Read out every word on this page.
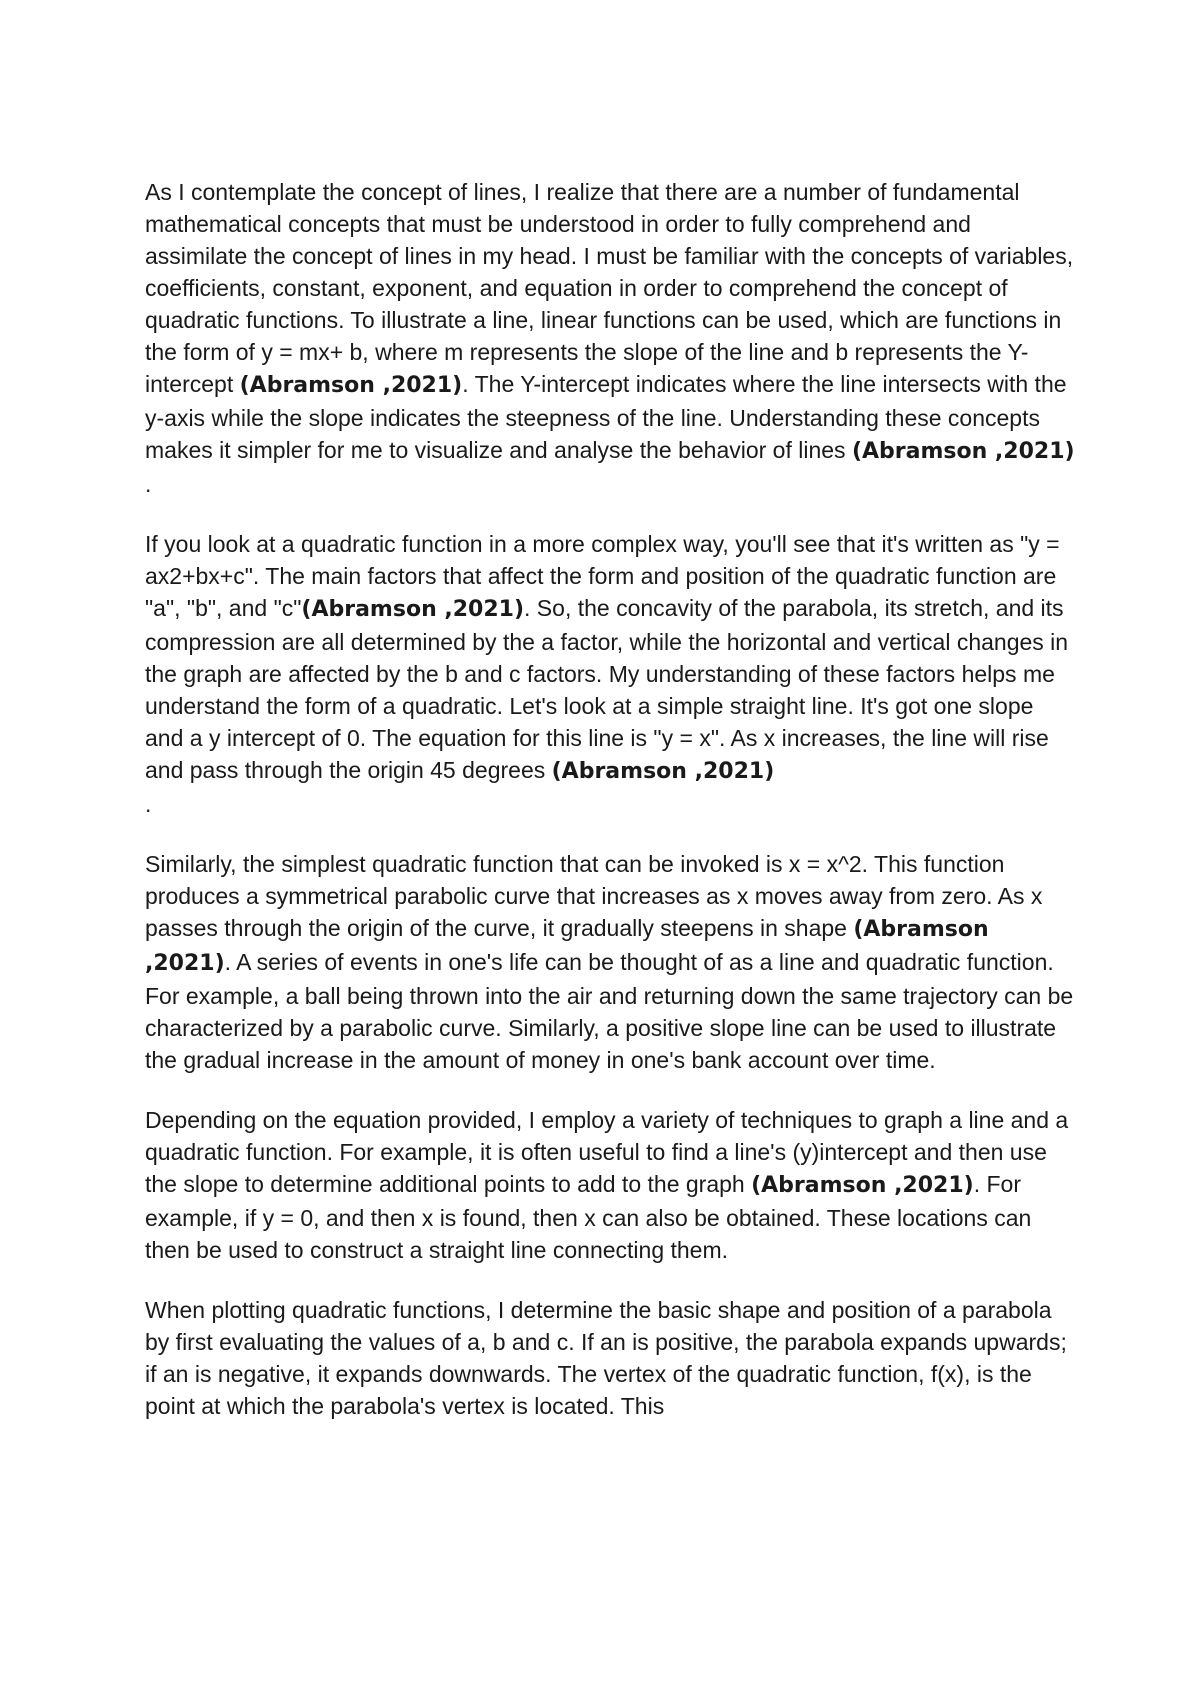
As I contemplate the concept of lines, I realize that there are a number of fundamental mathematical concepts that must be understood in order to fully comprehend and assimilate the concept of lines in my head. I must be familiar with the concepts of variables, coefficients, constant, exponent, and equation in order to comprehend the concept of quadratic functions. To illustrate a line, linear functions can be used, which are functions in the form of y = mx+ b, where m represents the slope of the line and b represents the Y-intercept (Abramson ,2021). The Y-intercept indicates where the line intersects with the y-axis while the slope indicates the steepness of the line. Understanding these concepts makes it simpler for me to visualize and analyse the behavior of lines (Abramson ,2021)

.

If you look at a quadratic function in a more complex way, you'll see that it's written as "y = ax2+bx+c". The main factors that affect the form and position of the quadratic function are "a", "b", and "c"(Abramson ,2021). So, the concavity of the parabola, its stretch, and its compression are all determined by the a factor, while the horizontal and vertical changes in the graph are affected by the b and c factors. My understanding of these factors helps me understand the form of a quadratic. Let's look at a simple straight line. It's got one slope and a y intercept of 0. The equation for this line is "y = x". As x increases, the line will rise and pass through the origin 45 degrees (Abramson ,2021)

.

Similarly, the simplest quadratic function that can be invoked is x = x^2. This function produces a symmetrical parabolic curve that increases as x moves away from zero. As x passes through the origin of the curve, it gradually steepens in shape (Abramson ,2021). A series of events in one's life can be thought of as a line and quadratic function. For example, a ball being thrown into the air and returning down the same trajectory can be characterized by a parabolic curve. Similarly, a positive slope line can be used to illustrate the gradual increase in the amount of money in one's bank account over time.

Depending on the equation provided, I employ a variety of techniques to graph a line and a quadratic function. For example, it is often useful to find a line's (y)intercept and then use the slope to determine additional points to add to the graph (Abramson ,2021). For example, if y = 0, and then x is found, then x can also be obtained. These locations can then be used to construct a straight line connecting them.

When plotting quadratic functions, I determine the basic shape and position of a parabola by first evaluating the values of a, b and c. If an is positive, the parabola expands upwards; if an is negative, it expands downwards. The vertex of the quadratic function, f(x), is the point at which the parabola's vertex is located. This
